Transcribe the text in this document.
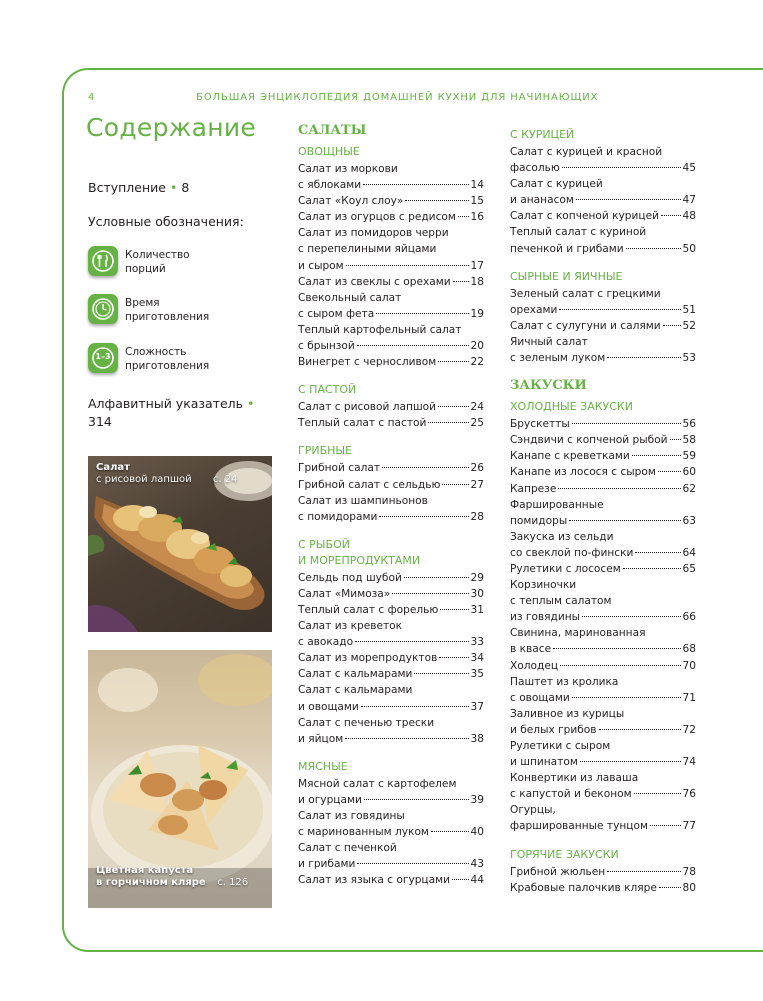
4	БОЛЬШАЯ ЭНЦИКЛОПЕДИЯ ДОМАШНЕЙ КУХНИ ДЛЯ НАЧИНАЮЩИХ
Содержание
Вступление • 8
Условные обозначения:
Количество
порций
Время
приготовления
1–3	Сложность
приготовления
Алфавитный указатель •
314
Салат
с рисовой лапшой с. 24
Цветная капуста
в горчичном кляре с. 126
САЛАТЫ
ОВОЩНЫЕ
Салат из моркови
с яблоками	14
Салат «Коул слоу»	15
Салат из огурцов с редисом 16
Салат из помидоров черри
с перепелиными яйцами
и сыром	17
Салат из свеклы с орехами 18
Свекольный салат
с сыром фета	19
Теплый картофельный салат
с брынзой	20
Винегрет с черносливом	22
С ПАСТОЙ
Салат с рисовой лапшой	24
Теплый салат с пастой	25
ГРИБНЫЕ
Грибной салат	26
Грибной салат с сельдью	27
Салат из шампиньонов
с помидорами	28
С РЫБОЙ
И МОРЕПРОДУКТАМИ
Сельдь под шубой	29
Салат «Мимоза»	30
Теплый салат с форелью	31
Салат из креветок
с авокадо	33
Салат из морепродуктов	34
Салат с кальмарами	35
Салат с кальмарами
и овощами	37
Салат с печенью трески
и яйцом	38
МЯСНЫЕ
Мясной салат с картофелем
и огурцами	39
Салат из говядины
с маринованным луком	40
Салат с печенкой
и грибами	43
Салат из языка с огурцами 44
С КУРИЦЕЙ
Салат с курицей и красной
фасолью	45
Салат с курицей
и ананасом	47
Салат с копченой курицей 48
Теплый салат с куриной
печенкой и грибами	50
СЫРНЫЕ И ЯИЧНЫЕ
Зеленый салат с грецкими
орехами	51
Салат с сулугуни и салями 52
Яичный салат
с зеленым луком	53
ЗАКУСКИ
ХОЛОДНЫЕ ЗАКУСКИ
Брускетты	56
Сэндвичи с копченой рыбой 58
Канапе с креветками	59
Канапе из лосося с сыром	60
Капрезе	62
Фаршированные
помидоры	63
Закуска из сельди
со свеклой по-фински	64
Рулетики с лососем	65
Корзиночки
с теплым салатом
из говядины	66
Свинина, маринованная
в квасе	68
Холодец	70
Паштет из кролика
с овощами	71
Заливное из курицы
и белых грибов	72
Рулетики с сыром
и шпинатом	74
Конвертики из лаваша
с капустой и беконом	76
Огурцы,
фаршированные тунцом	77
ГОРЯЧИЕ ЗАКУСКИ
Грибной жюльен	78
Крабовые палочкив кляре 80
